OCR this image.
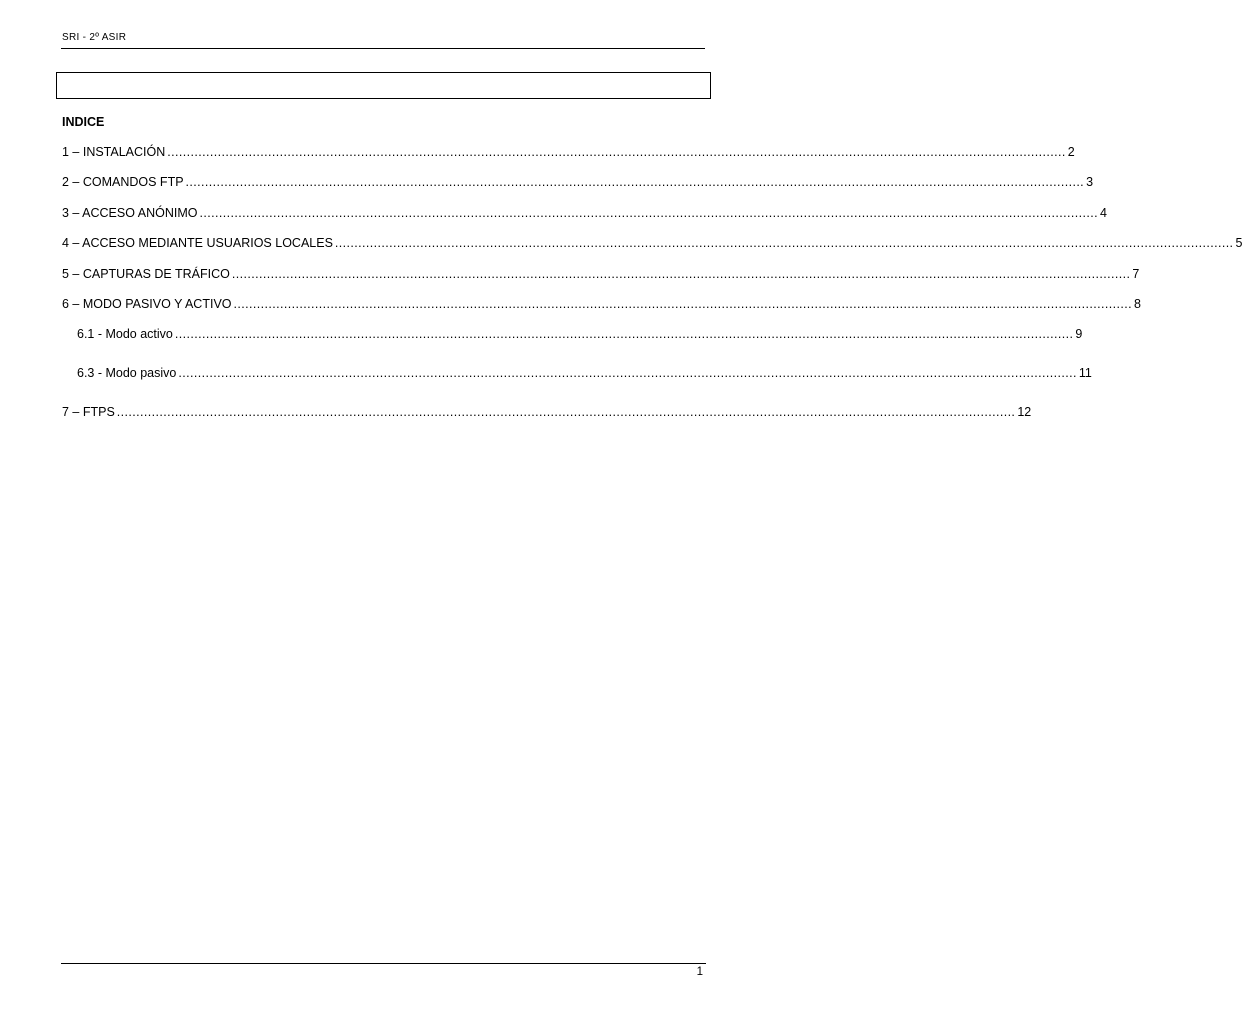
SRI - 2º ASIR
INDICE
1 – INSTALACIÓN ........................................................................................................................................................................................................................................ 2
2 – COMANDOS FTP ........................................................................................................................................................................................................................................ 3
3 – ACCESO ANÓNIMO ........................................................................................................................................................................................................................................ 4
4 – ACCESO MEDIANTE USUARIOS LOCALES ........................................................................................................................................................................................................................................ 5
5 – CAPTURAS DE TRÁFICO ........................................................................................................................................................................................................................................ 7
6 – MODO PASIVO Y ACTIVO ........................................................................................................................................................................................................................................ 8
6.1 - Modo activo ........................................................................................................................................................................................................................................ 9
6.3 - Modo pasivo ........................................................................................................................................................................................................................................ 11
7 – FTPS ........................................................................................................................................................................................................................................ 12
1
